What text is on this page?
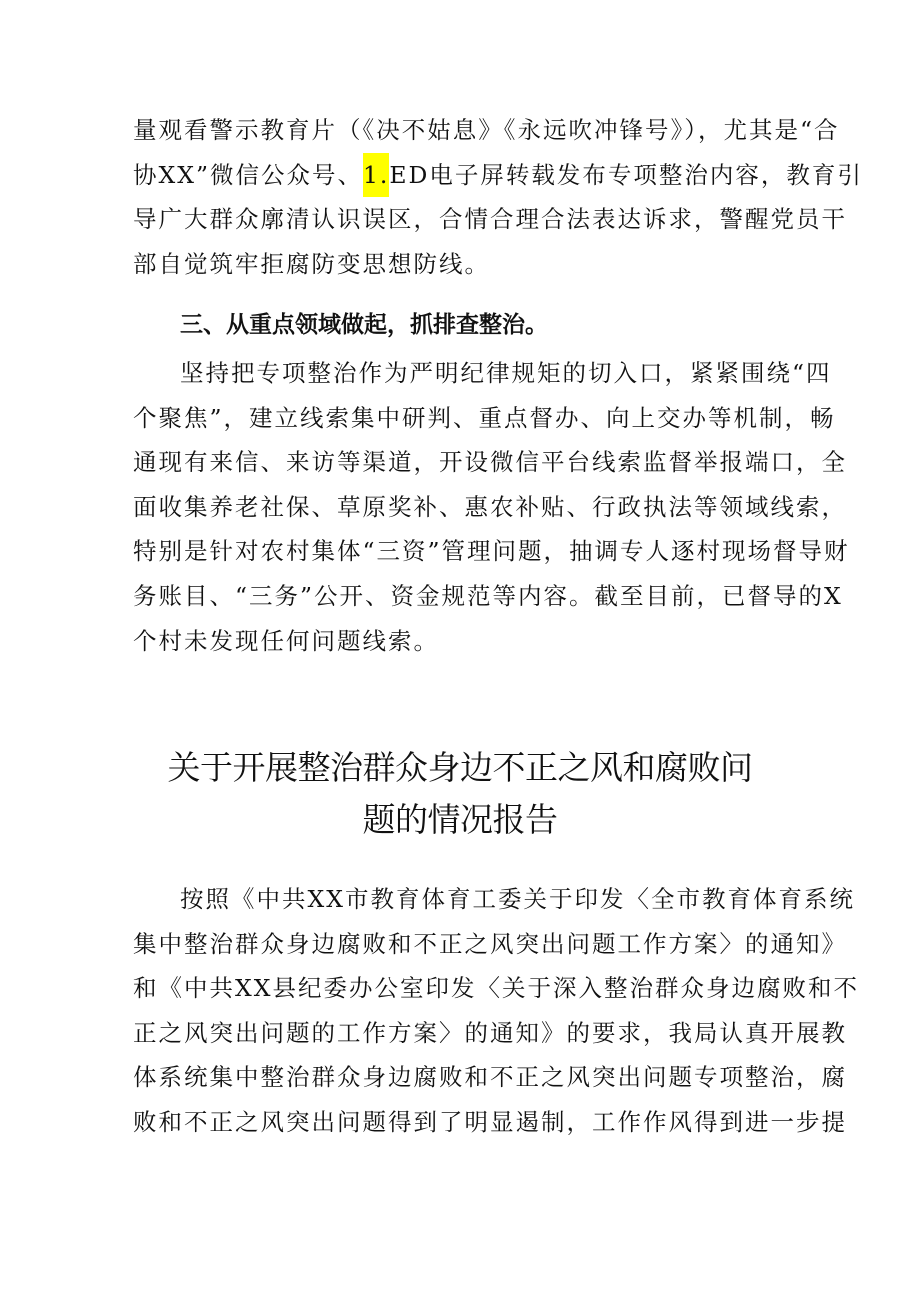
量观看警示教育片（《决不姑息》《永远吹冲锋号》），尤其是“合
协XX”微信公众号、1.ED电子屏转载发布专项整治内容，教育引
导广大群众廓清认识误区，合情合理合法表达诉求，警醒党员干
部自觉筑牢拒腐防变思想防线。

三、从重点领域做起，抓排查整治。

坚持把专项整治作为严明纪律规矩的切入口，紧紧围绕“四
个聚焦”，建立线索集中研判、重点督办、向上交办等机制，畅
通现有来信、来访等渠道，开设微信平台线索监督举报端口，全
面收集养老社保、草原奖补、惠农补贴、行政执法等领域线索，
特别是针对农村集体“三资”管理问题，抽调专人逐村现场督导财
务账目、“三务”公开、资金规范等内容。截至目前，已督导的X
个村未发现任何问题线索。

关于开展整治群众身边不正之风和腐败问
题的情况报告

按照《中共XX市教育体育工委关于印发〈全市教育体育系统
集中整治群众身边腐败和不正之风突出问题工作方案〉的通知》
和《中共XX县纪委办公室印发〈关于深入整治群众身边腐败和不
正之风突出问题的工作方案〉的通知》的要求，我局认真开展教
体系统集中整治群众身边腐败和不正之风突出问题专项整治，腐
败和不正之风突出问题得到了明显遏制，工作作风得到进一步提
